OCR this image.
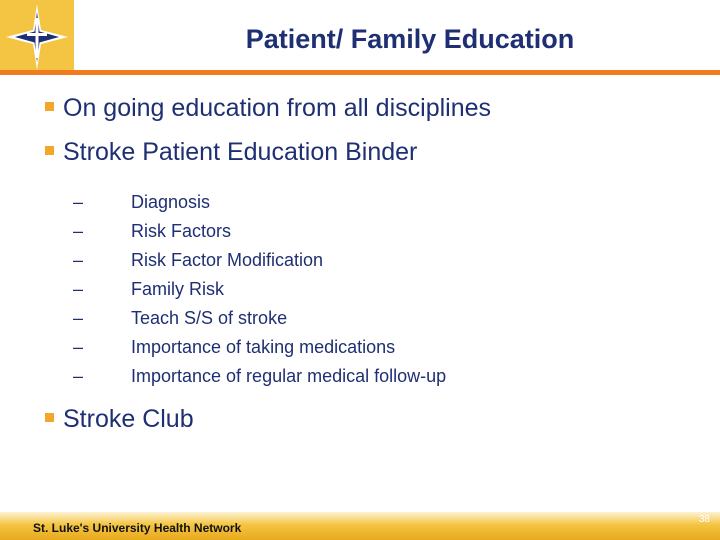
Patient/ Family Education
On going education from all disciplines
Stroke Patient Education Binder
–	Diagnosis
–	Risk Factors
–	Risk Factor Modification
–	Family Risk
–	Teach S/S of stroke
–	Importance of taking medications
–	Importance of regular medical follow-up
Stroke Club
St. Luke's University Health Network
38
